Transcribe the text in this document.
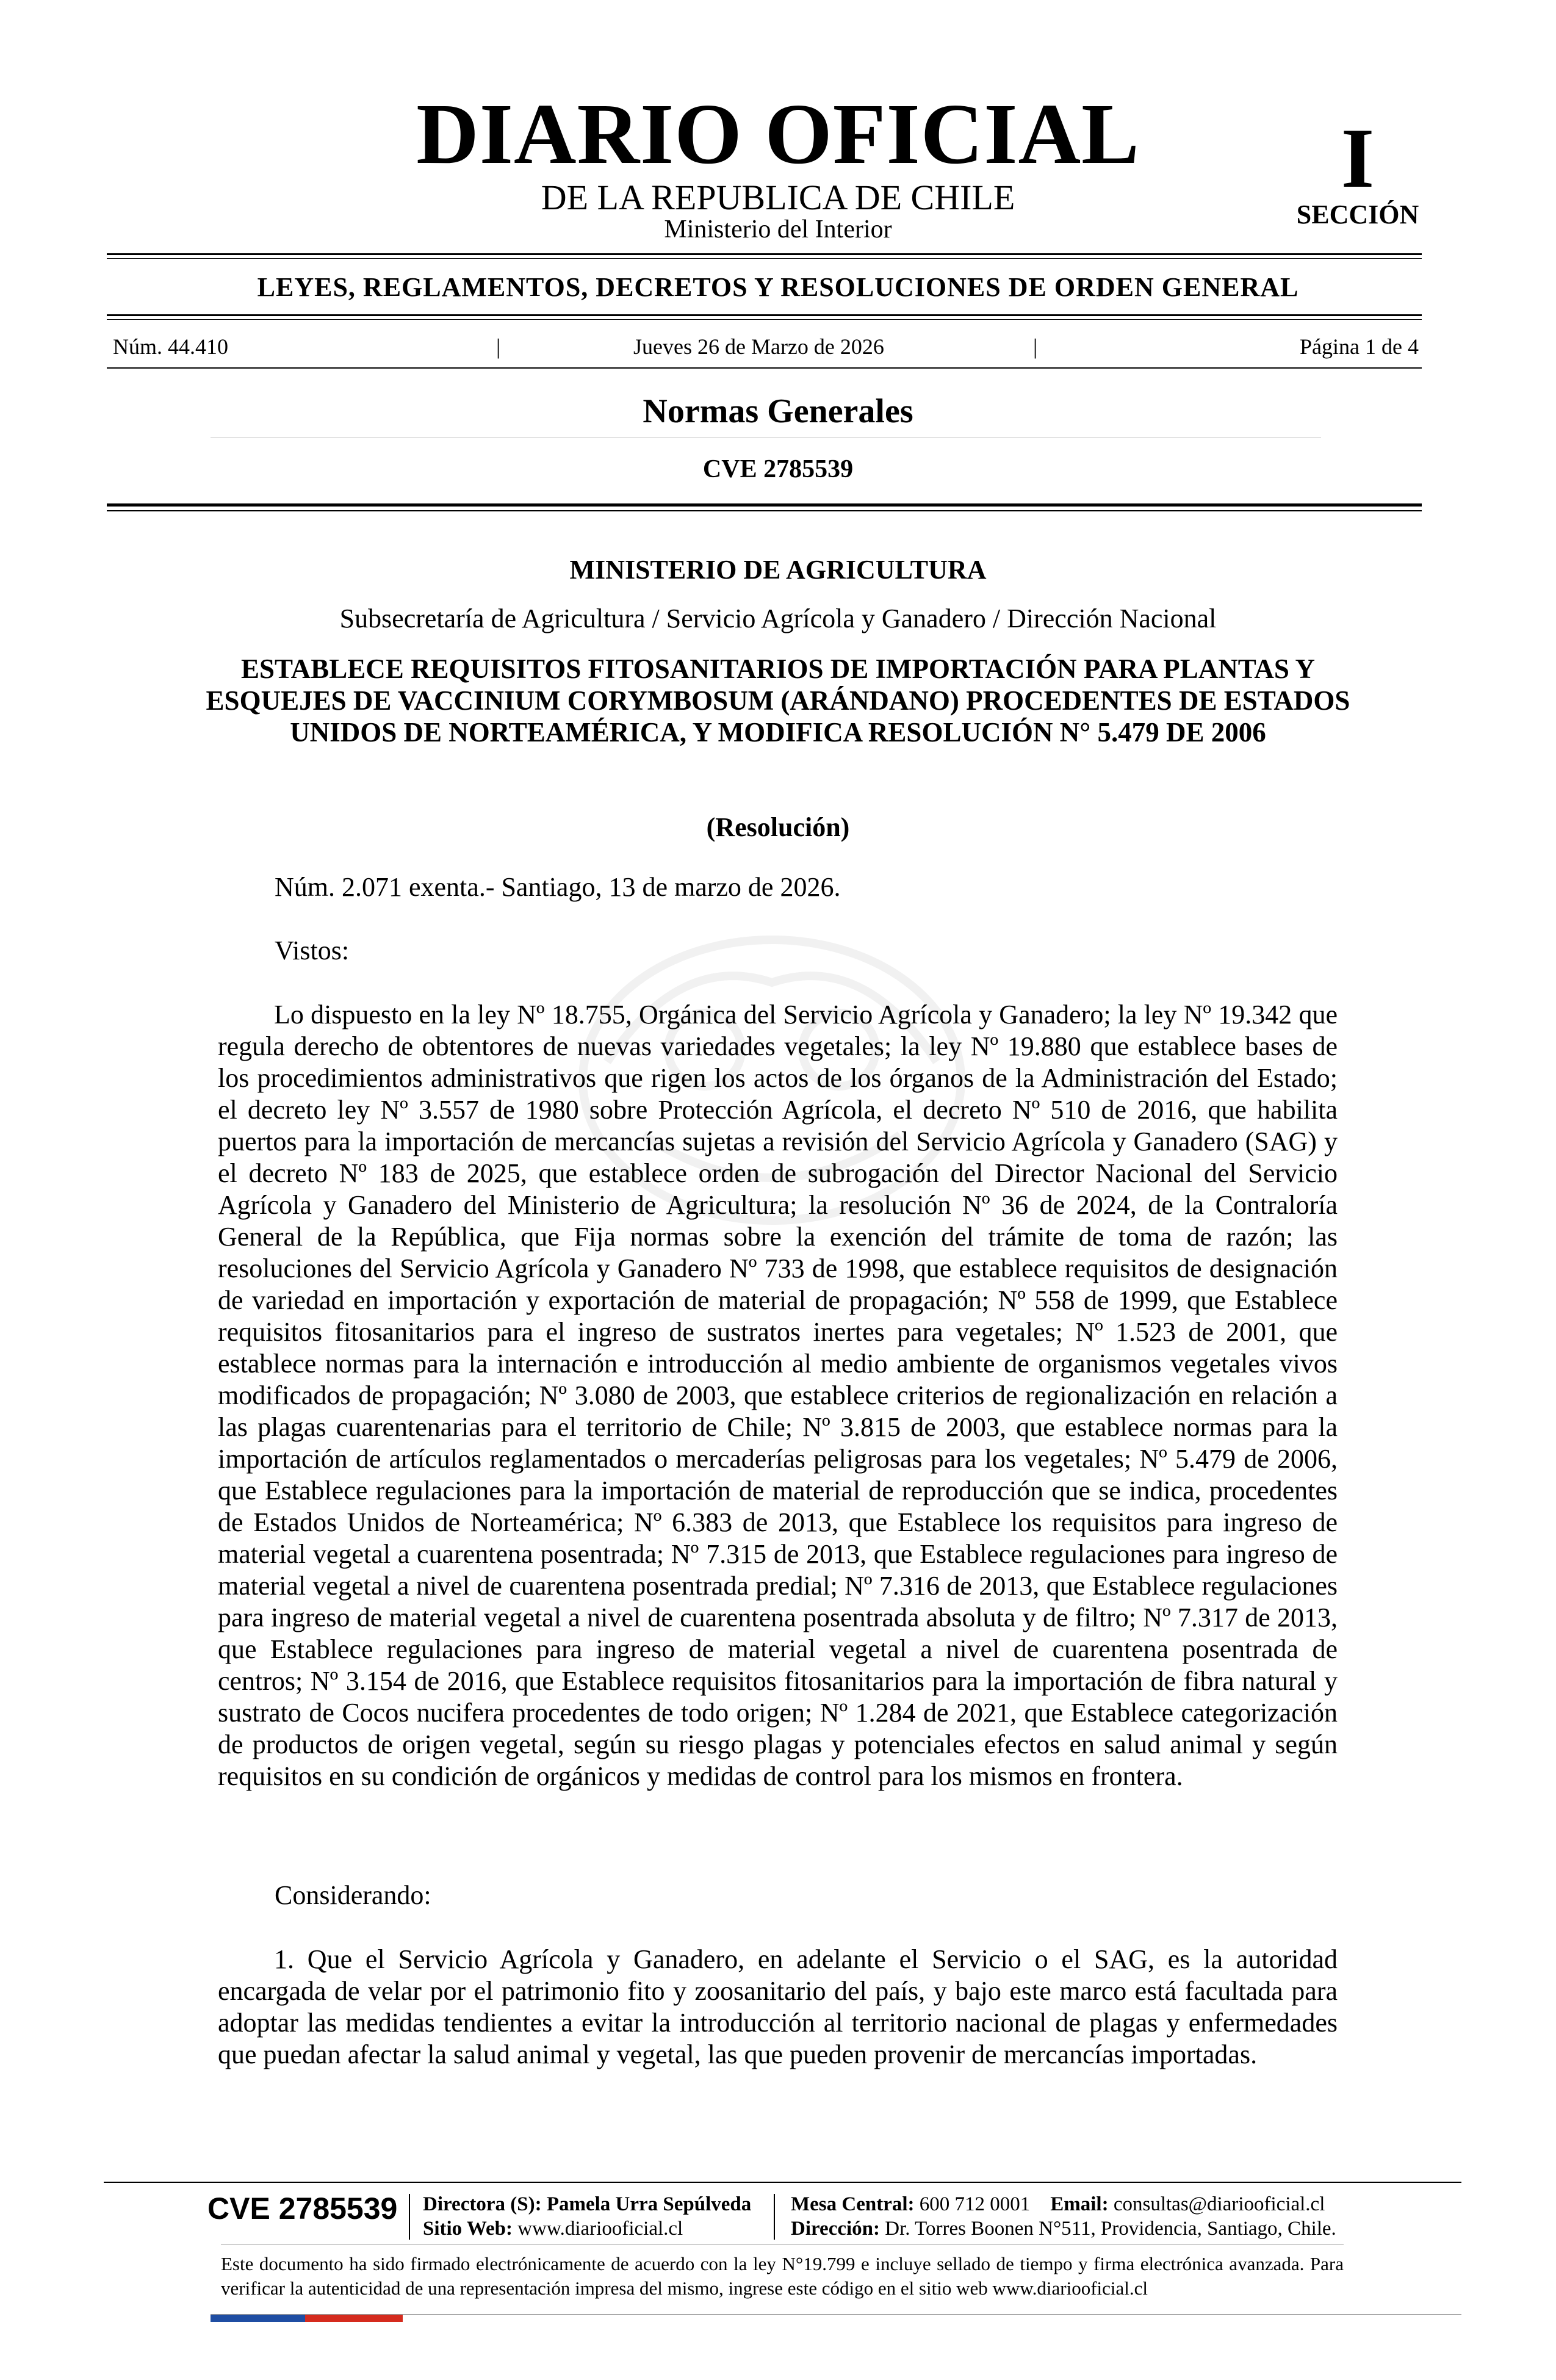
DIARIO OFICIAL
DE LA REPUBLICA DE CHILE
Ministerio del Interior
I
SECCIÓN
LEYES, REGLAMENTOS, DECRETOS Y RESOLUCIONES DE ORDEN GENERAL
Núm. 44.410	|	Jueves 26 de Marzo de 2026	|	Página 1 de 4
Normas Generales
CVE 2785539
MINISTERIO DE AGRICULTURA
Subsecretaría de Agricultura / Servicio Agrícola y Ganadero / Dirección Nacional
ESTABLECE REQUISITOS FITOSANITARIOS DE IMPORTACIÓN PARA PLANTAS Y ESQUEJES DE VACCINIUM CORYMBOSUM (ARÁNDANO) PROCEDENTES DE ESTADOS UNIDOS DE NORTEAMÉRICA, Y MODIFICA RESOLUCIÓN N° 5.479 DE 2006
(Resolución)
Núm. 2.071 exenta.- Santiago, 13 de marzo de 2026.
Vistos:
Lo dispuesto en la ley Nº 18.755, Orgánica del Servicio Agrícola y Ganadero; la ley Nº 19.342 que regula derecho de obtentores de nuevas variedades vegetales; la ley Nº 19.880 que establece bases de los procedimientos administrativos que rigen los actos de los órganos de la Administración del Estado; el decreto ley Nº 3.557 de 1980 sobre Protección Agrícola, el decreto Nº 510 de 2016, que habilita puertos para la importación de mercancías sujetas a revisión del Servicio Agrícola y Ganadero (SAG) y el decreto Nº 183 de 2025, que establece orden de subrogación del Director Nacional del Servicio Agrícola y Ganadero del Ministerio de Agricultura; la resolución Nº 36 de 2024, de la Contraloría General de la República, que Fija normas sobre la exención del trámite de toma de razón; las resoluciones del Servicio Agrícola y Ganadero Nº 733 de 1998, que establece requisitos de designación de variedad en importación y exportación de material de propagación; Nº 558 de 1999, que Establece requisitos fitosanitarios para el ingreso de sustratos inertes para vegetales; Nº 1.523 de 2001, que establece normas para la internación e introducción al medio ambiente de organismos vegetales vivos modificados de propagación; Nº 3.080 de 2003, que establece criterios de regionalización en relación a las plagas cuarentenarias para el territorio de Chile; Nº 3.815 de 2003, que establece normas para la importación de artículos reglamentados o mercaderías peligrosas para los vegetales; Nº 5.479 de 2006, que Establece regulaciones para la importación de material de reproducción que se indica, procedentes de Estados Unidos de Norteamérica; Nº 6.383 de 2013, que Establece los requisitos para ingreso de material vegetal a cuarentena posentrada; Nº 7.315 de 2013, que Establece regulaciones para ingreso de material vegetal a nivel de cuarentena posentrada predial; Nº 7.316 de 2013, que Establece regulaciones para ingreso de material vegetal a nivel de cuarentena posentrada absoluta y de filtro; Nº 7.317 de 2013, que Establece regulaciones para ingreso de material vegetal a nivel de cuarentena posentrada de centros; Nº 3.154 de 2016, que Establece requisitos fitosanitarios para la importación de fibra natural y sustrato de Cocos nucifera procedentes de todo origen; Nº 1.284 de 2021, que Establece categorización de productos de origen vegetal, según su riesgo plagas y potenciales efectos en salud animal y según requisitos en su condición de orgánicos y medidas de control para los mismos en frontera.
Considerando:
1. Que el Servicio Agrícola y Ganadero, en adelante el Servicio o el SAG, es la autoridad encargada de velar por el patrimonio fito y zoosanitario del país, y bajo este marco está facultada para adoptar las medidas tendientes a evitar la introducción al territorio nacional de plagas y enfermedades que puedan afectar la salud animal y vegetal, las que pueden provenir de mercancías importadas.
CVE 2785539 Directora (S): Pamela Urra Sepúlveda
Sitio Web: www.diariooficial.cl
Mesa Central: 600 712 0001 Email: consultas@diariooficial.cl
Dirección: Dr. Torres Boonen N°511, Providencia, Santiago, Chile.
Este documento ha sido firmado electrónicamente de acuerdo con la ley N°19.799 e incluye sellado de tiempo y firma electrónica avanzada. Para verificar la autenticidad de una representación impresa del mismo, ingrese este código en el sitio web www.diariooficial.cl
